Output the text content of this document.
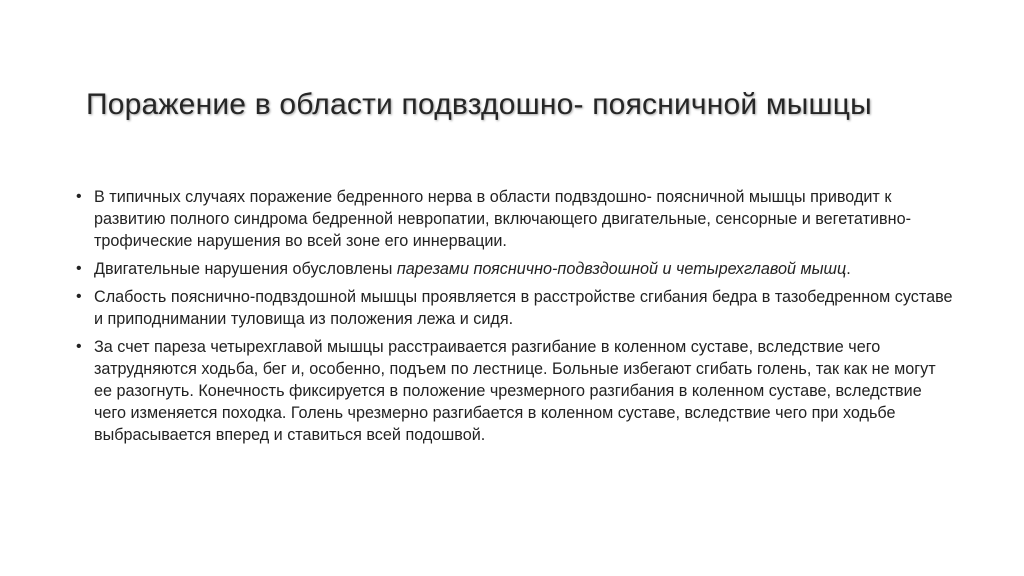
Поражение в области подвздошно- поясничной мышцы
• В типичных случаях поражение бедренного нерва в области подвздошно- поясничной мышцы приводит к развитию полного синдрома бедренной невропатии, включающего двигательные, сенсорные и вегетативно- трофические нарушения во всей зоне его иннервации.
• Двигательные нарушения обусловлены парезами пояснично-подвздошной и четырехглавой мышц.
• Слабость пояснично-подвздошной мышцы проявляется в расстройстве сгибания бедра в тазобедренном суставе и приподнимании туловища из положения лежа и сидя.
• За счет пареза четырехглавой мышцы расстраивается разгибание в коленном суставе, вследствие чего затрудняются ходьба, бег и, особенно, подъем по лестнице. Больные избегают сгибать голень, так как не могут ее разогнуть. Конечность фиксируется в положение чрезмерного разгибания в коленном суставе, вследствие чего изменяется походка. Голень чрезмерно разгибается в коленном суставе, вследствие чего при ходьбе выбрасывается вперед и ставиться всей подошвой.
